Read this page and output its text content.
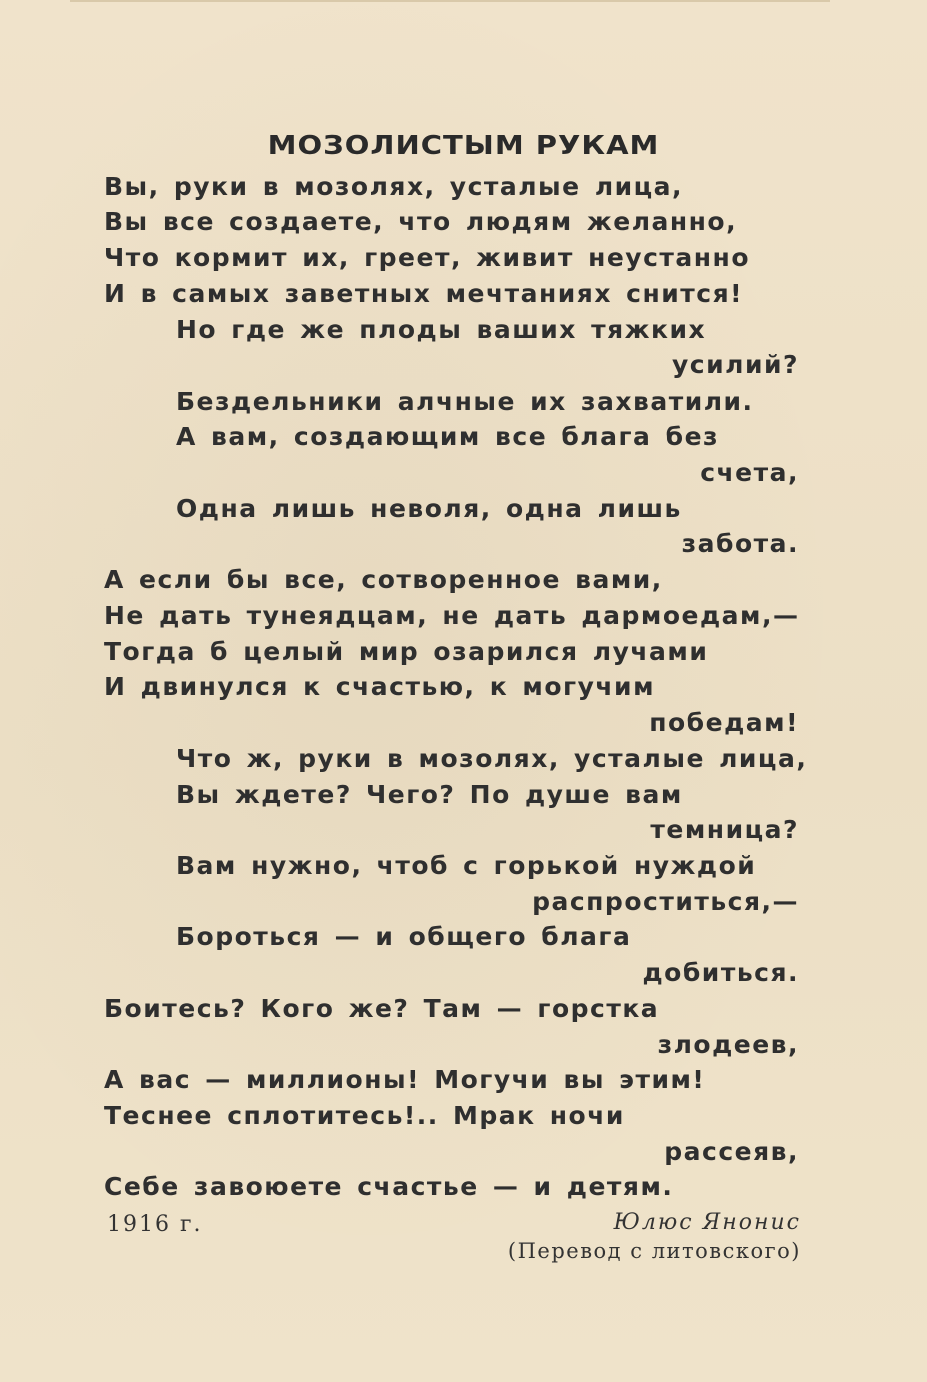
МОЗОЛИСТЫМ РУКАМ
Вы, руки в мозолях, усталые лица,
Вы все создаете, что людям желанно,
Что кормит их, греет, живит неустанно
И в самых заветных мечтаниях снится!
Но где же плоды ваших тяжких
усилий?
Бездельники алчные их захватили.
А вам, создающим все блага без
счета,
Одна лишь неволя, одна лишь
забота.
А если бы все, сотворенное вами,
Не дать тунеядцам, не дать дармоедам,—
Тогда б целый мир озарился лучами
И двинулся к счастью, к могучим
победам!
Что ж, руки в мозолях, усталые лица,
Вы ждете? Чего? По душе вам
темница?
Вам нужно, чтоб с горькой нуждой
распроститься,—
Бороться — и общего блага
добиться.
Боитесь? Кого же? Там — горстка
злодеев,
А вас — миллионы! Могучи вы этим!
Теснее сплотитесь!.. Мрак ночи
рассеяв,
Себе завоюете счастье — и детям.
1916 г.	Юлюс Янонис
(Перевод с литовского)
